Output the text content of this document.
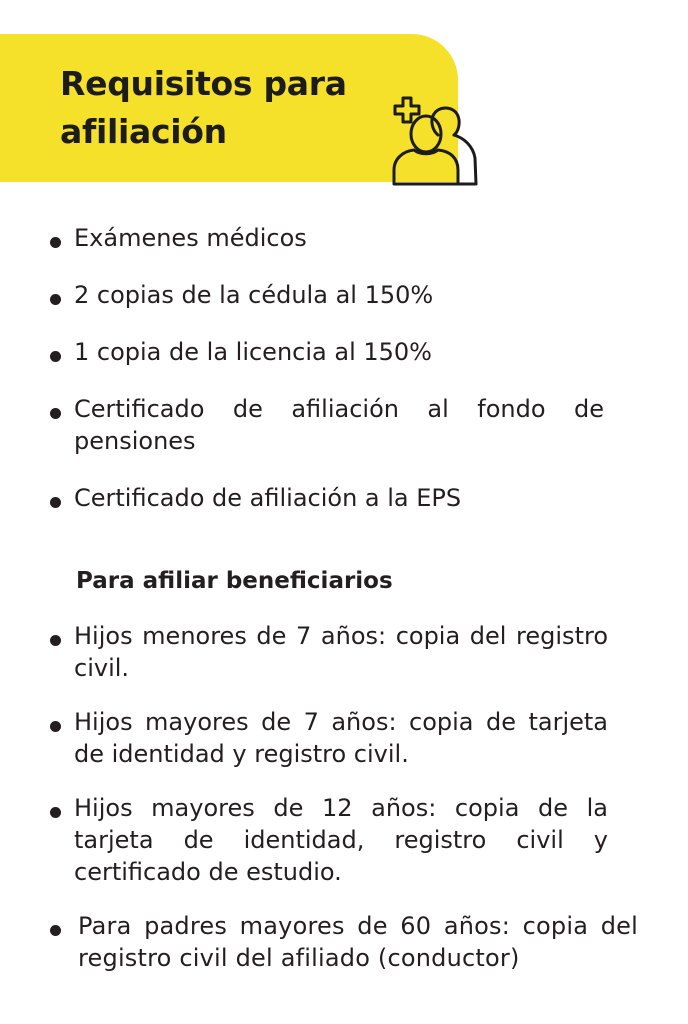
Requisitos para
afiliación
Exámenes médicos
2 copias de la cédula al 150%
1 copia de la licencia al 150%
Certificado de afiliación al fondo de pensiones
Certificado de afiliación a la EPS
Para afiliar beneficiarios
Hijos menores de 7 años: copia del registro civil.
Hijos mayores de 7 años: copia de tarjeta de identidad y registro civil.
Hijos mayores de 12 años: copia de la tarjeta de identidad, registro civil y certificado de estudio.
Para padres mayores de 60 años: copia del registro civil del afiliado (conductor)
